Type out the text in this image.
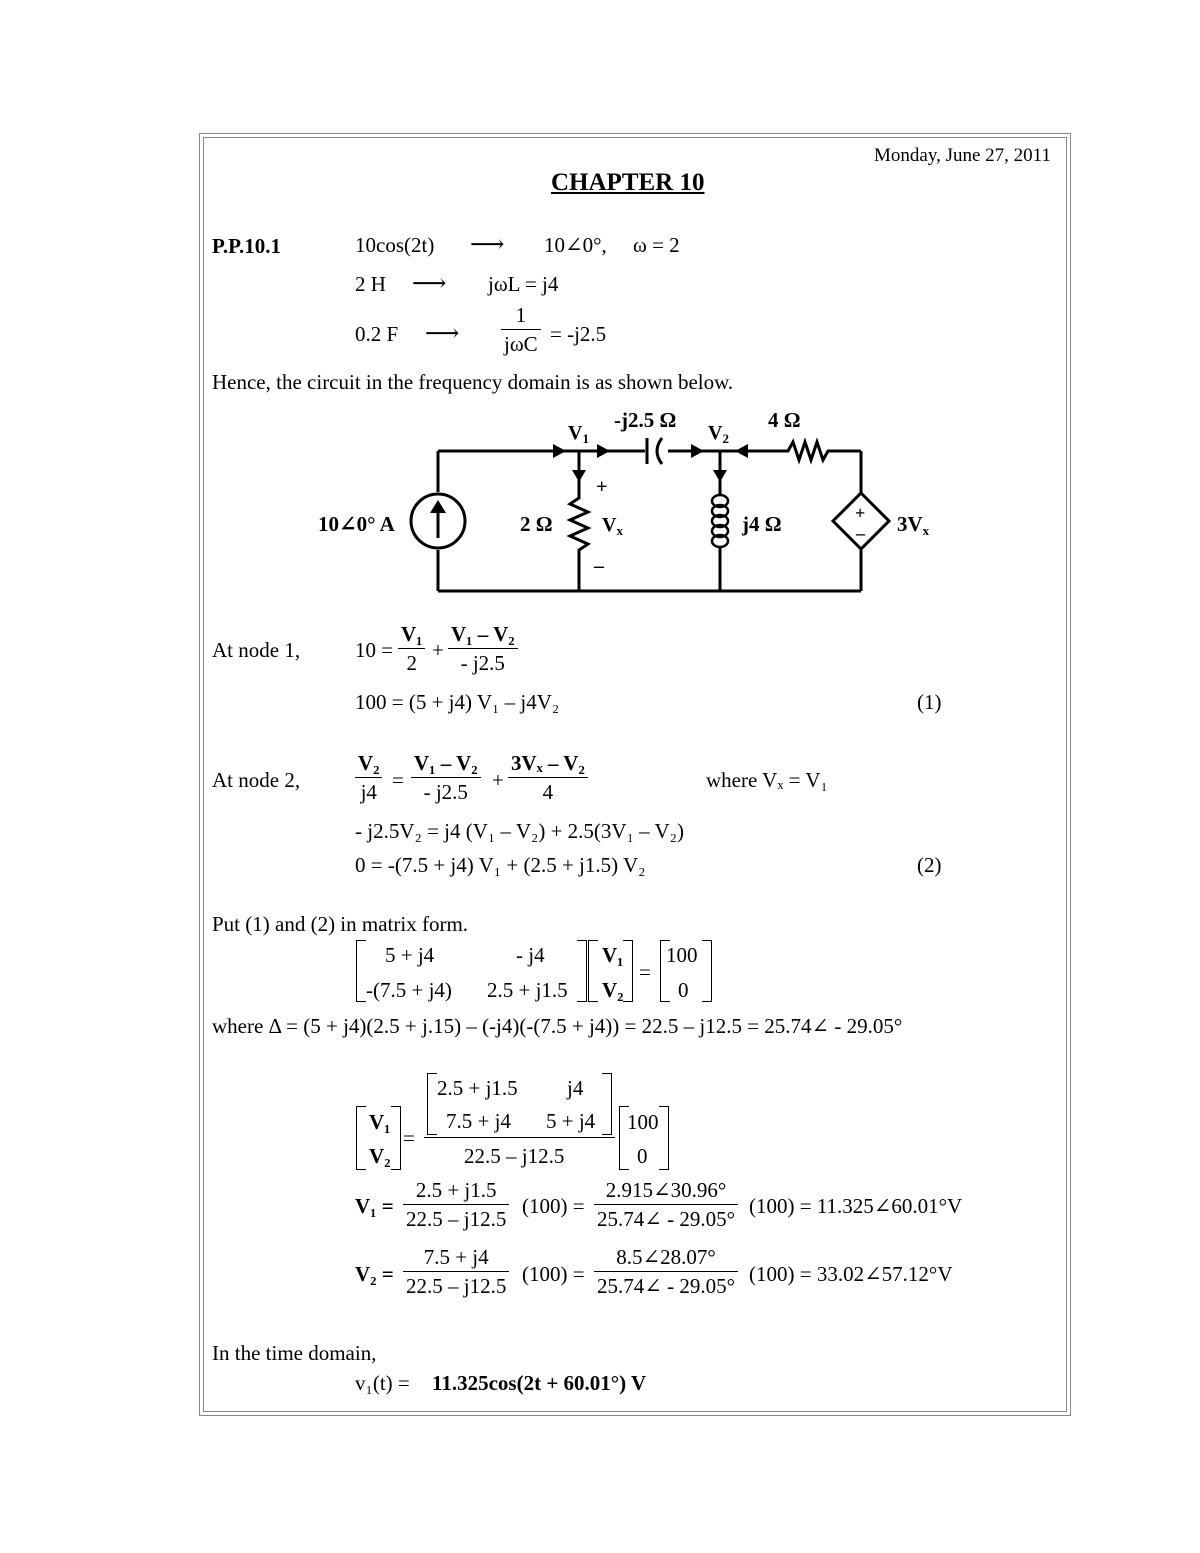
Monday, June 27, 2011
CHAPTER 10
P.P.10.1	10cos(2t) ⟶ 10∠0°, ω = 2
2 H ⟶ jωL = j4
0.2 F ⟶
1
jωC = -j2.5
Hence, the circuit in the frequency domain is as shown below.
$V_1$	$V_2$
-j2.5 Ω	4 Ω
10∠0° A	2 Ω
+
$V_x$
–
j4 Ω	+
– $3V_x$
At node 1,	$10 = \frac{\text{V₁}}{2} + \frac{\text{V₁ – V₂}}{- j2.5}$
100 = (5 + j4) V₁ – j4V₂	(1)
At node 2,	$\frac{\text{V₂}}{j4} = \frac{\text{V₁ – V₂}}{- j2.5} + \frac{\text{3Vₓ – V₂}}{4}$	where Vₓ = V₁
- j2.5V₂ = j4 (V₁ – V₂) + 2.5(3V₁ – V₂)
0 = -(7.5 + j4) V₁ + (2.5 + j1.5) V₂	(2)
Put (1) and (2) in matrix form.
5 + j4	- j4
-(7.5 + j4) 2.5 + j1.5
V₁
V₂
=
100
0
where Δ = (5 + j4)(2.5 + j.15) – (-j4)(-(7.5 + j4)) = 22.5 – j12.5 = 25.74∠ - 29.05°
V₁
V₂
=
2.5 + j1.5 j4
7.5 + j4 5 + j4
22.5 – j12.5
100
0
$V_1 = \frac{2.5 + j1.5}{22.5 - j12.5} (100) = \frac{2.915\angle 30.96^\circ}{25.74\angle - 29.05^\circ} (100)$ = 11.325∠60.01°V
$V_2 = \frac{7.5 + j4}{22.5 - j12.5} (100) = \frac{8.5\angle 28.07^\circ}{25.74\angle - 29.05^\circ} (100)$ = 33.02∠57.12°V
In the time domain,
v₁(t) = 11.325cos(2t + 60.01°) V
